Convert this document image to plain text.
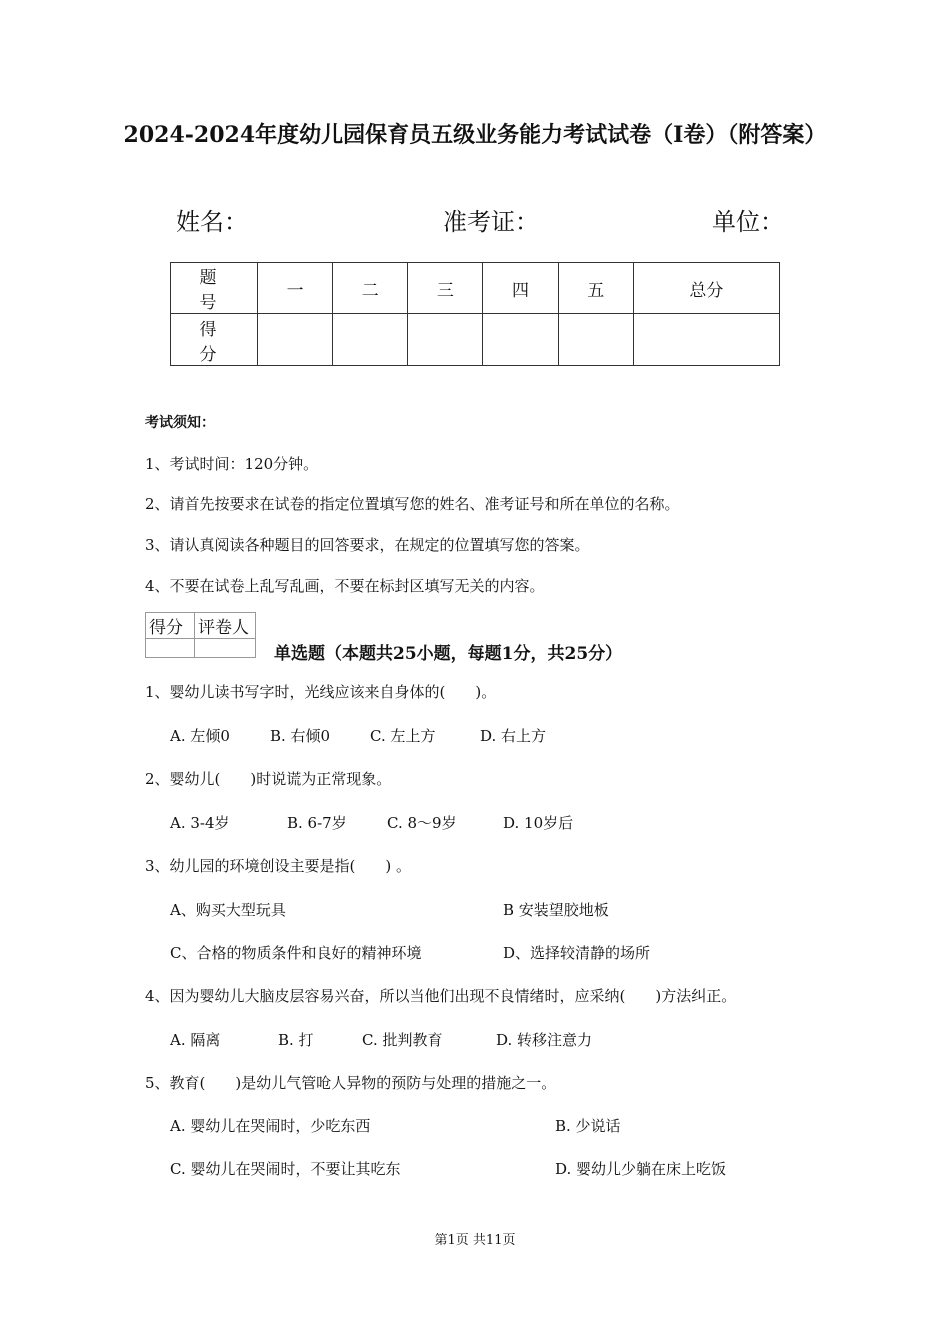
2024-2024年度幼儿园保育员五级业务能力考试试卷（I卷）（附答案）
姓名：	准考证：	单位：
题　号	一	二	三	四	五	总分
得　分						
考试须知：
1、考试时间：120分钟。
2、请首先按要求在试卷的指定位置填写您的姓名、准考证号和所在单位的名称。
3、请认真阅读各种题目的回答要求，在规定的位置填写您的答案。
4、不要在试卷上乱写乱画，不要在标封区填写无关的内容。
得分	评卷人

单选题（本题共25小题，每题1分，共25分）
1、婴幼儿读书写字时，光线应该来自身体的(　　)。
A. 左倾0	B. 右倾0	C. 左上方	D. 右上方
2、婴幼儿(　　)时说谎为正常现象。
A. 3-4岁	B. 6-7岁	C. 8～9岁	D. 10岁后
3、幼儿园的环境创设主要是指(　　) 。
A、购买大型玩具	B 安装望胶地板
C、合格的物质条件和良好的精神环境	D、选择较清静的场所
4、因为婴幼儿大脑皮层容易兴奋，所以当他们出现不良情绪时，应采纳(　　)方法纠正。
A. 隔离	B. 打	C. 批判教育	D. 转移注意力
5、教育(　　)是幼儿气管呛人异物的预防与处理的措施之一。
A. 婴幼儿在哭闹时，少吃东西	B. 少说话
C. 婴幼儿在哭闹时，不要让其吃东	D. 婴幼儿少躺在床上吃饭
第1页 共11页
